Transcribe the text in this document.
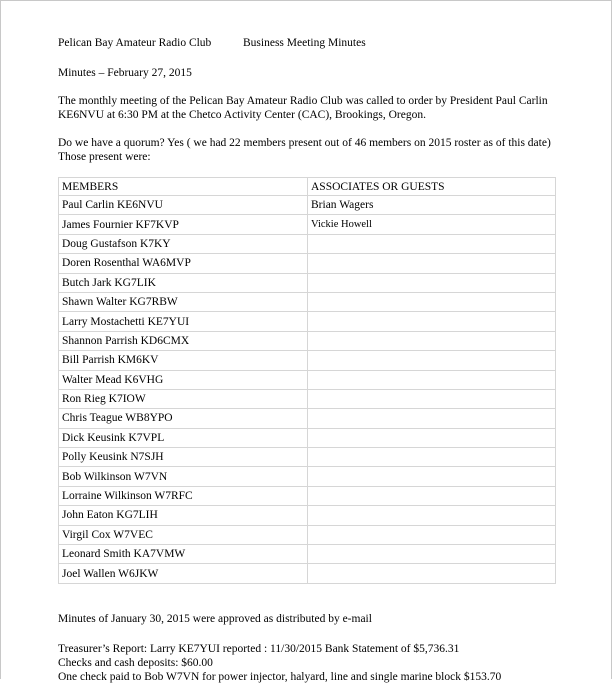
Pelican Bay Amateur Radio Club	Business Meeting Minutes

Minutes – February 27, 2015

The monthly meeting of the Pelican Bay Amateur Radio Club was called to order by President Paul Carlin KE6NVU at 6:30 PM at the Chetco Activity Center (CAC), Brookings, Oregon.

Do we have a quorum? Yes ( we had 22 members present out of 46 members on 2015 roster as of this date)

Those present were:

MEMBERS	ASSOCIATES OR GUESTS
Paul Carlin KE6NVU	Brian Wagers
James Fournier KF7KVP	Vickie Howell
Doug Gustafson K7KY	
Doren Rosenthal WA6MVP	
Butch Jark KG7LIK	
Shawn Walter KG7RBW	
Larry Mostachetti KE7YUI	
Shannon Parrish KD6CMX	
Bill Parrish KM6KV	
Walter Mead K6VHG	
Ron Rieg K7IOW	
Chris Teague WB8YPO	
Dick Keusink K7VPL	
Polly Keusink N7SJH	
Bob Wilkinson W7VN	
Lorraine Wilkinson W7RFC	
John Eaton KG7LIH	
Virgil Cox W7VEC	
Leonard Smith KA7VMW	
Joel Wallen W6JKW	

Minutes of January 30, 2015 were approved as distributed by e-mail

Treasurer’s Report: Larry KE7YUI reported : 11/30/2015 Bank Statement of $5,736.31

Checks and cash deposits: $60.00

One check paid to Bob W7VN for power injector, halyard, line and single marine block $153.70
